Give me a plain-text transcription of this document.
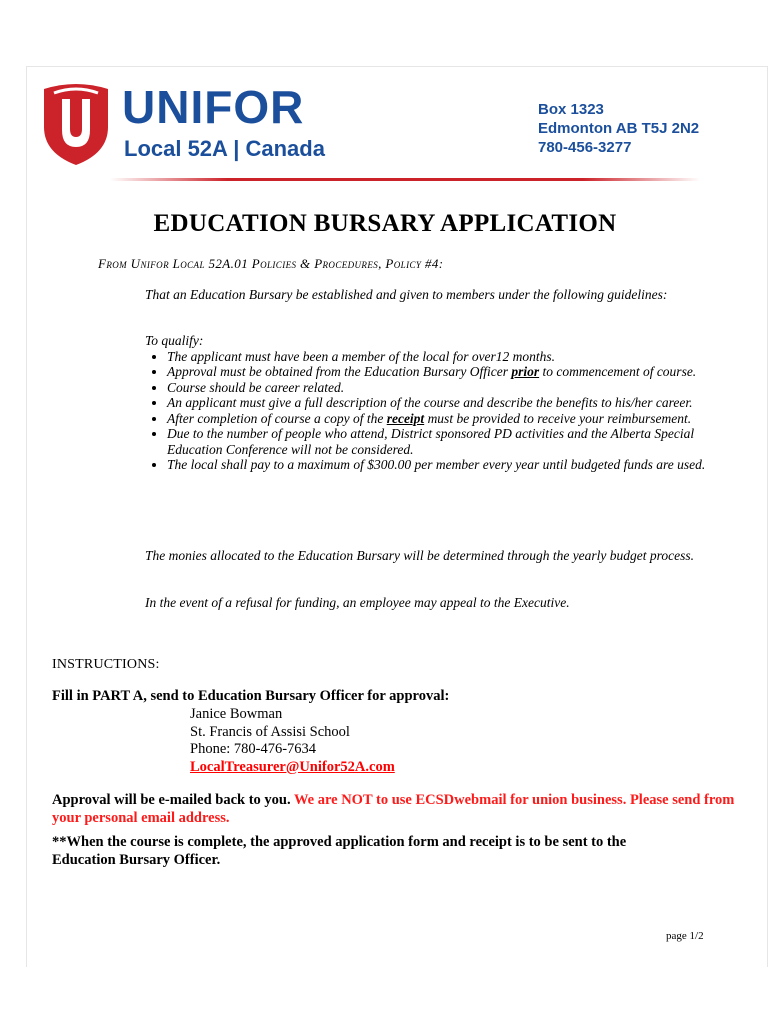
UNIFOR
Local 52A | Canada
Box 1323
Edmonton AB T5J 2N2
780-456-3277
EDUCATION BURSARY APPLICATION
From Unifor Local 52A.01 Policies & Procedures, Policy #4:

That an Education Bursary be established and given to members under the following guidelines:

To qualify:

• The applicant must have been a member of the local for over12 months.
• Approval must be obtained from the Education Bursary Officer prior to commencement of course.
• Course should be career related.
• An applicant must give a full description of the course and describe the benefits to his/her career.
• After completion of course a copy of the receipt must be provided to receive your reimbursement.
• Due to the number of people who attend, District sponsored PD activities and the Alberta Special Education Conference will not be considered.
• The local shall pay to a maximum of $300.00 per member every year until budgeted funds are used.

The monies allocated to the Education Bursary will be determined through the yearly budget process.

In the event of a refusal for funding, an employee may appeal to the Executive.

INSTRUCTIONS:
Fill in PART A, send to Education Bursary Officer for approval:
Janice Bowman
St. Francis of Assisi School
Phone: 780-476-7634
LocalTreasurer@Unifor52A.com
Approval will be e-mailed back to you. We are NOT to use ECSDwebmail for union business. Please send from your personal email address.
**When the course is complete, the approved application form and receipt is to be sent to the Education Bursary Officer.
page 1/2
